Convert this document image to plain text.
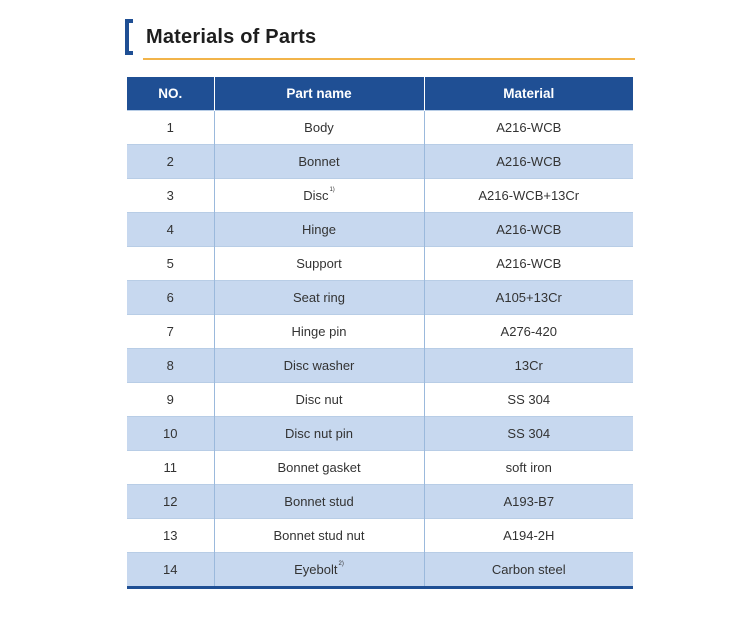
Materials of Parts
NO.	Part name	Material
1	Body	A216-WCB
2	Bonnet	A216-WCB
3	Disc$^{1)}$	A216-WCB+13Cr
4	Hinge	A216-WCB
5	Support	A216-WCB
6	Seat ring	A105+13Cr
7	Hinge pin	A276-420
8	Disc washer	13Cr
9	Disc nut	SS 304
10	Disc nut pin	SS 304
11	Bonnet gasket	soft iron
12	Bonnet stud	A193-B7
13	Bonnet stud nut	A194-2H
14	Eyebolt$^{2)}$	Carbon steel
